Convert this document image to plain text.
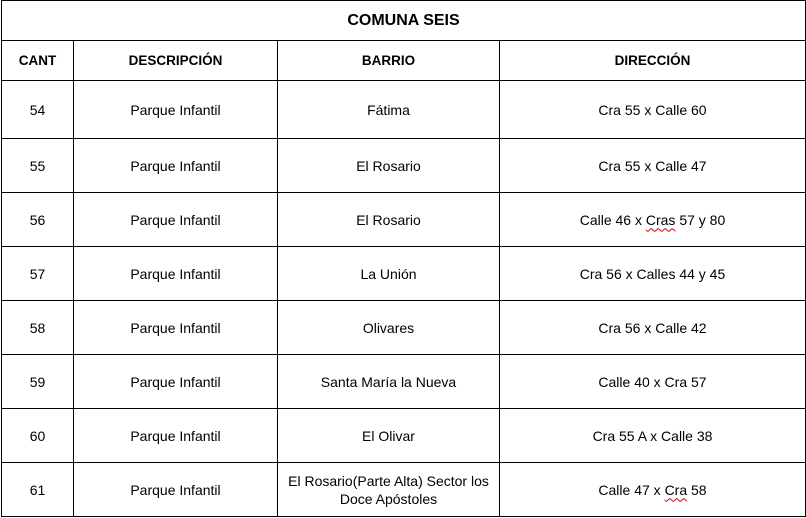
COMUNA SEIS			
CANT	DESCRIPCIÓN	BARRIO	DIRECCIÓN
54	Parque Infantil	Fátima	Cra 55 x Calle 60
55	Parque Infantil	El Rosario	Cra 55 x Calle 47
56	Parque Infantil	El Rosario	Calle 46 x Cras 57 y 80
57	Parque Infantil	La Unión	Cra 56 x Calles 44 y 45
58	Parque Infantil	Olivares	Cra 56 x Calle 42
59	Parque Infantil	Santa María la Nueva	Calle 40 x Cra 57
60	Parque Infantil	El Olivar	Cra 55 A x Calle 38
61	Parque Infantil	El Rosario(Parte Alta) Sector los Doce Apóstoles	Calle 47 x Cra 58
